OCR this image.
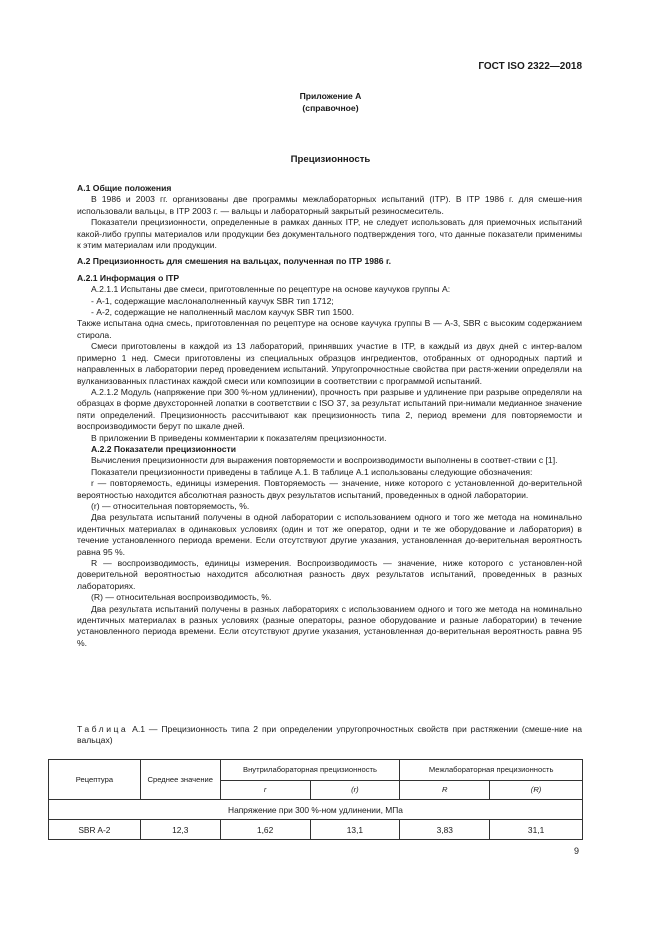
ГОСТ ISO 2322—2018
Приложение А
(справочное)
Прецизионность

А.1 Общие положения

В 1986 и 2003 гг. организованы две программы межлабораторных испытаний (ITP). В ITP 1986 г. для смеше-ния использовали вальцы, в ITP 2003 г. — вальцы и лабораторный закрытый резиносмеситель.

Показатели прецизионности, определенные в рамках данных ITP, не следует использовать для приемочных испытаний какой-либо группы материалов или продукции без документального подтверждения того, что данные показатели применимы к этим материалам или продукции.

А.2 Прецизионность для смешения на вальцах, полученная по ITP 1986 г.

А.2.1 Информация о ITP

А.2.1.1 Испытаны две смеси, приготовленные по рецептуре на основе каучуков группы А:

- А-1, содержащие маслонаполненный каучук SBR тип 1712;

- А-2, содержащие не наполненный маслом каучук SBR тип 1500.

Также испытана одна смесь, приготовленная по рецептуре на основе каучука группы В — А-3, SBR с высоким содержанием стирола.

Смеси приготовлены в каждой из 13 лабораторий, принявших участие в ITP, в каждый из двух дней с интер-валом примерно 1 нед. Смеси приготовлены из специальных образцов ингредиентов, отобранных от однородных партий и направленных в лаборатории перед проведением испытаний. Упругопрочностные свойства при растя-жении определяли на вулканизованных пластинах каждой смеси или композиции в соответствии с программой испытаний.

А.2.1.2 Модуль (напряжение при 300 %-ном удлинении), прочность при разрыве и удлинение при разрыве определяли на образцах в форме двухсторонней лопатки в соответствии с ISO 37, за результат испытаний при-нимали медианное значение пяти определений. Прецизионность рассчитывают как прецизионность типа 2, период времени для повторяемости и воспроизводимости берут по шкале дней.

В приложении В приведены комментарии к показателям прецизионности.

А.2.2 Показатели прецизионности

Вычисления прецизионности для выражения повторяемости и воспроизводимости выполнены в соответ-ствии с [1].

Показатели прецизионности приведены в таблице А.1. В таблице А.1 использованы следующие обозначения:

r — повторяемость, единицы измерения. Повторяемость — значение, ниже которого с установленной до-верительной вероятностью находится абсолютная разность двух результатов испытаний, проведенных в одной лаборатории.

(r) — относительная повторяемость, %.

Два результата испытаний получены в одной лаборатории с использованием одного и того же метода на номинально идентичных материалах в одинаковых условиях (один и тот же оператор, одни и те же оборудование и лаборатория) в течение установленного периода времени. Если отсутствуют другие указания, установленная до-верительная вероятность равна 95 %.

R — воспроизводимость, единицы измерения. Воспроизводимость — значение, ниже которого с установлен-ной доверительной вероятностью находится абсолютная разность двух результатов испытаний, проведенных в разных лабораториях.

(R) — относительная воспроизводимость, %.

Два результата испытаний получены в разных лабораториях с использованием одного и того же метода на номинально идентичных материалах в разных условиях (разные операторы, разное оборудование и разные лаборатории) в течение установленного периода времени. Если отсутствуют другие указания, установленная до-верительная вероятность равна 95 %.

Таблица А.1 — Прецизионность типа 2 при определении упругопрочностных свойств при растяжении (смеше-ние на вальцах)
Рецептура	Среднее значение	Внутрилабораторная прецизионность		Межлабораторная прецизионность	
		r	(r)	R	(R)
Напряжение при 300 %-ном удлинении, МПа					
SBR A-2	12,3	1,62	13,1	3,83	31,1
9
